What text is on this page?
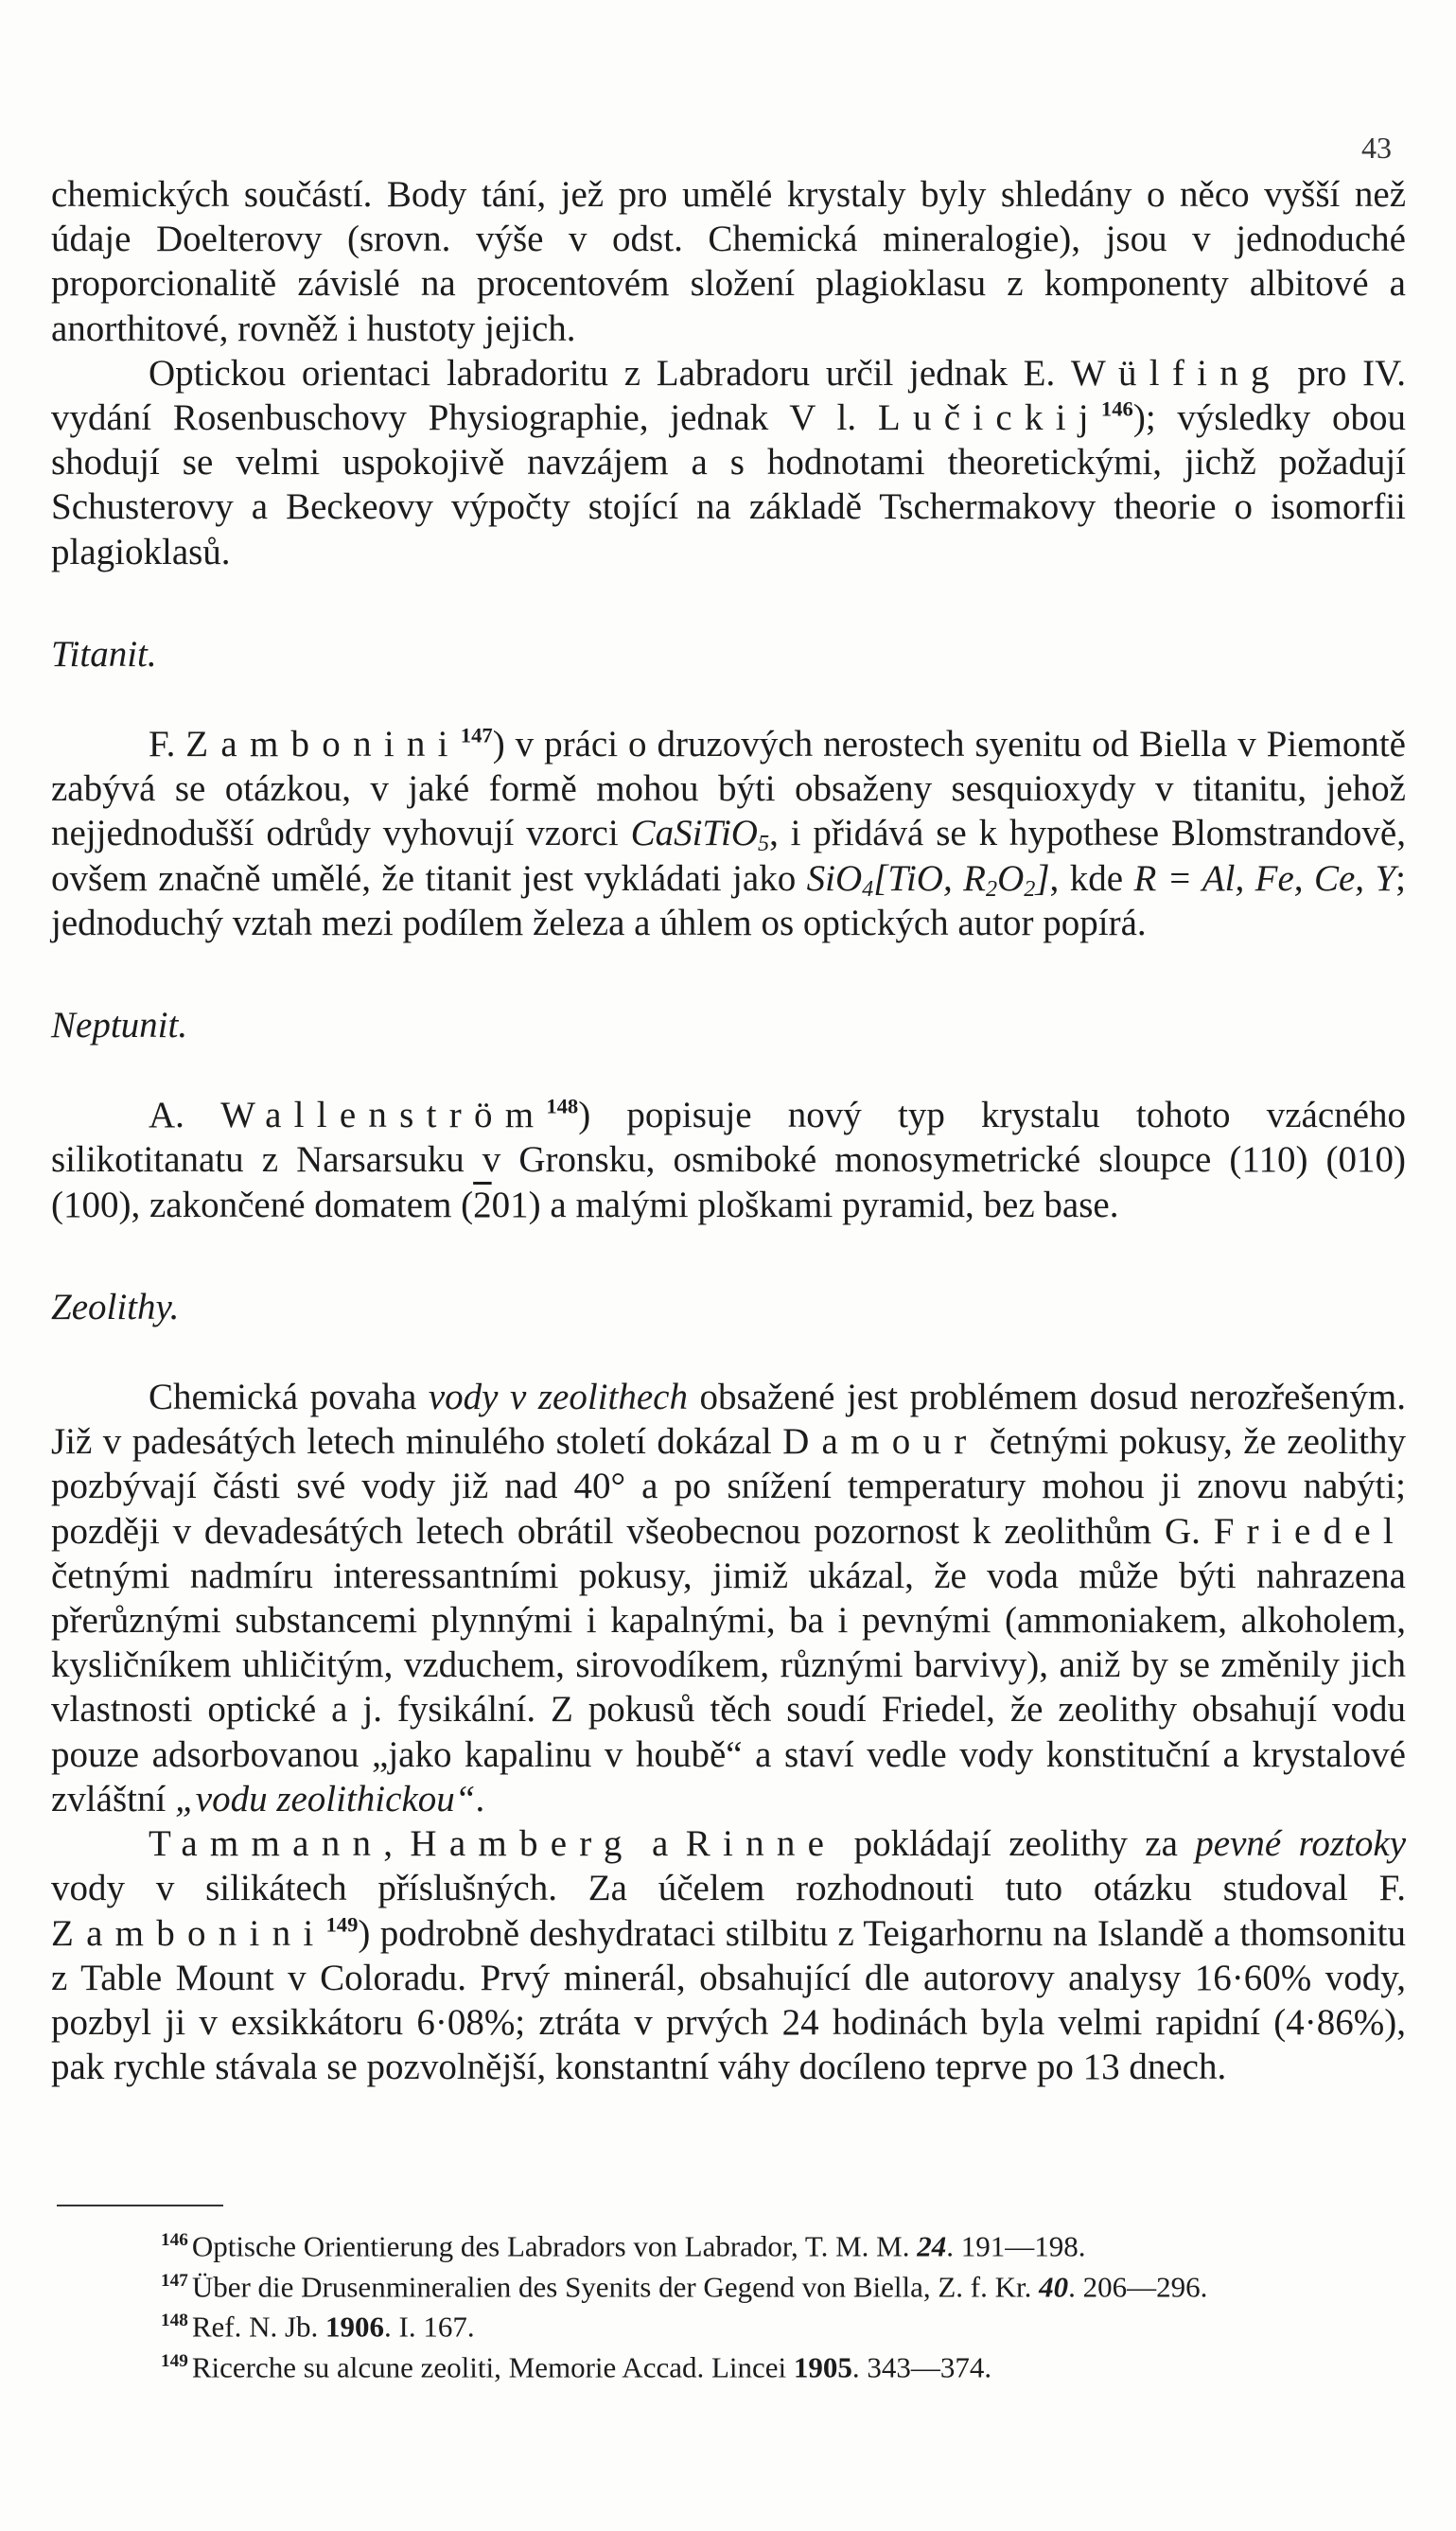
43

chemických součástí. Body tání, jež pro umělé krystaly byly shledány o něco vyšší než údaje Doelterovy (srovn. výše v odst. Chemická mineralogie), jsou v jednoduché proporcionalitě závislé na procentovém složení plagioklasu z komponenty albitové a anorthitové, rovněž i hustoty jejich.

Optickou orientaci labradoritu z Labradoru určil jednak E. Wülfing pro IV. vydání Rosenbuschovy Physiographie, jednak V l. Lučickij$^{146}$); výsledky obou shodují se velmi uspokojivě navzájem a s hodnotami theoretickými, jichž požadují Schusterovy a Beckeovy výpočty stojící na základě Tschermakovy theorie o isomorfii plagioklasů.

Titanit.

F. Zambonini$^{147}$) v práci o druzových nerostech syenitu od Biella v Piemontě zabývá se otázkou, v jaké formě mohou býti obsaženy sesquioxydy v titanitu, jehož nejjednodušší odrůdy vyhovují vzorci CaSiTiO$_5$, i přidává se k hypothese Blomstrandově, ovšem značně umělé, že titanit jest vykládati jako SiO$_4$[TiO, $R_2O_2$], kde R = Al, Fe, Ce, Y; jednoduchý vztah mezi podílem železa a úhlem os optických autor popírá.

Neptunit.

A. Wallenström$^{148}$) popisuje nový typ krystalu tohoto vzácného silikotitanatu z Narsarsuku v Gronsku, osmiboké monosymetrické sloupce (110) (010) (100), zakončené domatem (201) a malými ploškami pyramid, bez base.

Zeolithy.

Chemická povaha vody v zeolithech obsažené jest problémem dosud nerozřešeným. Již v padesátých letech minulého století dokázal Damour četnými pokusy, že zeolithy pozbývají části své vody již nad 40° a po snížení temperatury mohou ji znovu nabýti; později v devadesátých letech obrátil všeobecnou pozornost k zeolithům G. Friedel četnými nadmíru interessantními pokusy, jimiž ukázal, že voda může býti nahrazena přerůznými substancemi plynnými i kapalnými, ba i pevnými (ammoniakem, alkoholem, kysličníkem uhličitým, vzduchem, sirovodíkem, různými barvivy), aniž by se změnily jich vlastnosti optické a j. fysikální. Z pokusů těch soudí Friedel, že zeolithy obsahují vodu pouze adsorbovanou „jako kapalinu v houbě“ a staví vedle vody konstituční a krystalové zvláštní „vodu zeolithickou“.

Tammann, Hamberg a Rinne pokládají zeolithy za pevné roztoky vody v silikátech příslušných. Za účelem rozhodnouti tuto otázku studoval F. Zambonini$^{149}$) podrobně deshydrataci stilbitu z Teigarhornu na Islandě a thomsonitu z Table Mount v Coloradu. Prvý minerál, obsahující dle autorovy analysy 16·60% vody, pozbyl ji v exsikkátoru 6·08%; ztráta v prvých 24 hodinách byla velmi rapidní (4·86%), pak rychle stávala se pozvolnější, konstantní váhy docíleno teprve po 13 dnech.

$^{146}$ Optische Orientierung des Labradors von Labrador, T. M. M. 24. 191—198.

$^{147}$ Über die Drusenmineralien des Syenits der Gegend von Biella, Z. f. Kr. 40. 206—296.

$^{148}$ Ref. N. Jb. 1906. I. 167.

$^{149}$ Ricerche su alcune zeoliti, Memorie Accad. Lincei 1905. 343—374.
